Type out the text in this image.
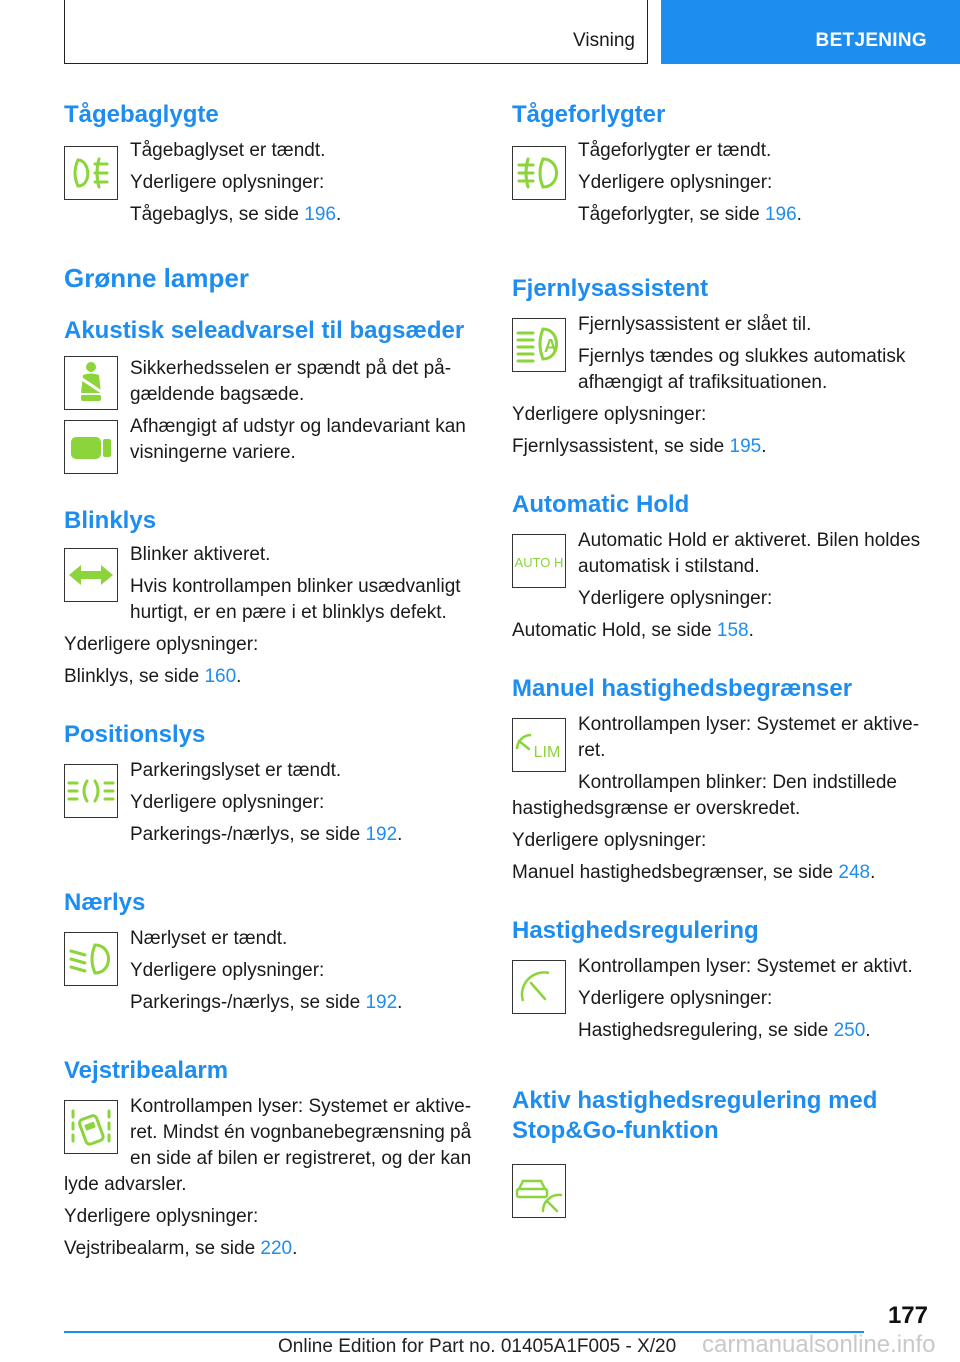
Visning	BETJENING
Tågebaglygte

Tågebaglyset er tændt.

Yderligere oplysninger:

Tågebaglys, se side 196.

Grønne lamper
Akustisk seleadvarsel til bagsæder

Sikkerhedsselen er spændt på det på-gældende bagsæde.

Afhængigt af udstyr og landevariant kan visningerne variere.

Blinklys

Blinker aktiveret.

Hvis kontrollampen blinker usædvanligt hurtigt, er en pære i et blinklys defekt.

Yderligere oplysninger:

Blinklys, se side 160.

Positionslys

Parkeringslyset er tændt.

Yderligere oplysninger:

Parkerings-/nærlys, se side 192.

Nærlys

Nærlyset er tændt.

Yderligere oplysninger:

Parkerings-/nærlys, se side 192.

Vejstribealarm

Kontrollampen lyser: Systemet er aktive-ret. Mindst én vognbanebegrænsning på en side af bilen er registreret, og der kan

lyde advarsler.

Yderligere oplysninger:

Vejstribealarm, se side 220.

Tågeforlygter

Tågeforlygter er tændt.

Yderligere oplysninger:

Tågeforlygter, se side 196.

Fjernlysassistent
A

Fjernlysassistent er slået til.

Fjernlys tændes og slukkes automatisk afhængigt af trafiksituationen.

Yderligere oplysninger:

Fjernlysassistent, se side 195.

Automatic Hold
AUTO H

Automatic Hold er aktiveret. Bilen holdes automatisk i stilstand.

Yderligere oplysninger:

Automatic Hold, se side 158.

Manuel hastighedsbegrænser
LIM

Kontrollampen lyser: Systemet er aktive-ret.

Kontrollampen blinker: Den indstillede

hastighedsgrænse er overskredet.

Yderligere oplysninger:

Manuel hastighedsbegrænser, se side 248.

Hastighedsregulering

Kontrollampen lyser: Systemet er aktivt.

Yderligere oplysninger:

Hastighedsregulering, se side 250.

Aktiv hastighedsregulering med Stop&Go-funktion
177
Online Edition for Part no. 01405A1F005 - X/20 carmanualsonline.info
